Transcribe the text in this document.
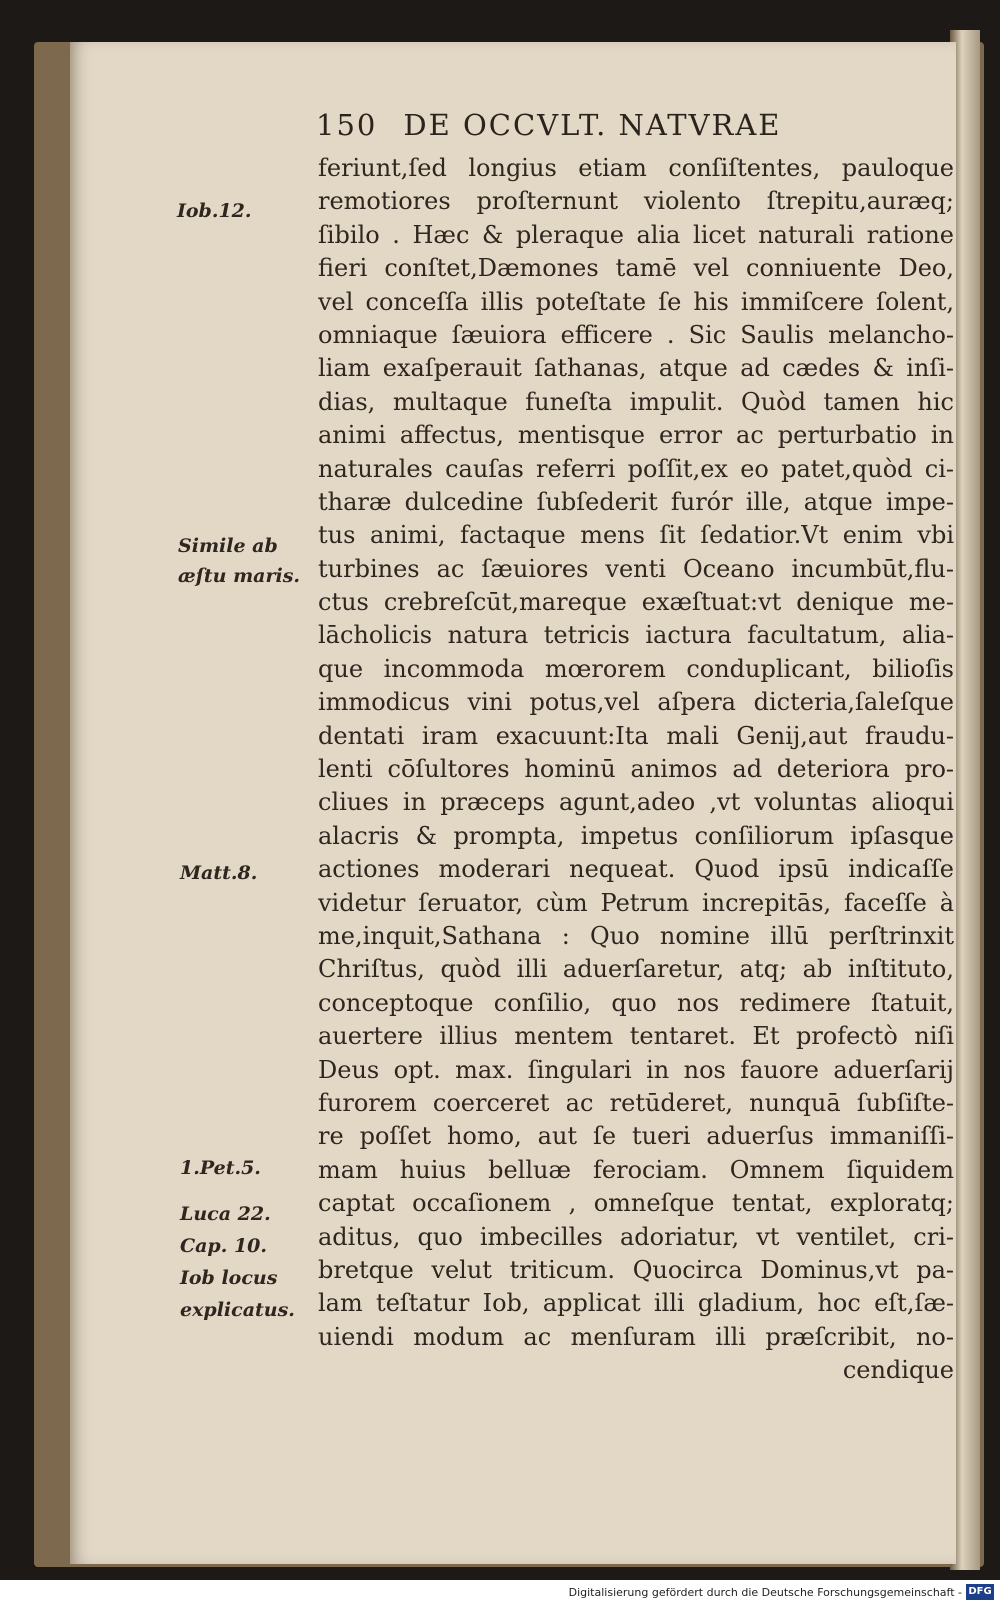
150 DE OCCVLT. NATVRAE
Iob.12.
Simile ab
æſtu maris.
Matt.8.
1.Pet.5.
Luca 22.
Cap. 10.
Iob locus
explicatus.
feriunt,ſed longius etiam conſiſtentes, pauloque
remotiores proſternunt violento ſtrepitu,auræq;
ſibilo . Hæc & pleraque alia licet naturali ratione
fieri conſtet,Dæmones tamē vel conniuente Deo,
vel conceſſa illis poteſtate ſe his immiſcere ſolent,
omniaque ſæuiora efficere . Sic Saulis melancho-
liam exaſperauit ſathanas, atque ad cædes & inſi-
dias, multaque funeſta impulit. Quòd tamen hic
animi affectus, mentisque error ac perturbatio in
naturales cauſas referri poſſit,ex eo patet,quòd ci-
tharæ dulcedine ſubſederit furór ille, atque impe-
tus animi, factaque mens ſit ſedatior.Vt enim vbi
turbines ac ſæuiores venti Oceano incumbūt,flu-
ctus crebreſcūt,mareque exæſtuat:vt denique me-
lācholicis natura tetricis iactura facultatum, alia-
que incommoda mœrorem conduplicant, bilioſis
immodicus vini potus,vel aſpera dicteria,ſaleſque
dentati iram exacuunt:Ita mali Genij,aut fraudu-
lenti cōſultores hominū animos ad deteriora pro-
cliues in præceps agunt,adeo ,vt voluntas alioqui
alacris & prompta, impetus conſiliorum ipſasque
actiones moderari nequeat. Quod ipsū indicaſſe
videtur ſeruator, cùm Petrum increpitās, faceſſe à
me,inquit,Sathana : Quo nomine illū perſtrinxit
Chriſtus, quòd illi aduerſaretur, atq; ab inſtituto,
conceptoque conſilio, quo nos redimere ſtatuit,
auertere illius mentem tentaret. Et profectò niſi
Deus opt. max. ſingulari in nos fauore aduerſarij
furorem coerceret ac retūderet, nunquā ſubſiſte-
re poſſet homo, aut ſe tueri aduerſus immaniſſi-
mam huius belluæ ferociam. Omnem ſiquidem
captat occaſionem , omneſque tentat, exploratq;
aditus, quo imbecilles adoriatur, vt ventilet, cri-
bretque velut triticum. Quocirca Dominus,vt pa-
lam teſtatur Iob, applicat illi gladium, hoc eſt,ſæ-
uiendi modum ac menſuram illi præſcribit, no-
cendique
Digitalisierung gefördert durch die Deutsche Forschungsgemeinschaft - DFG
